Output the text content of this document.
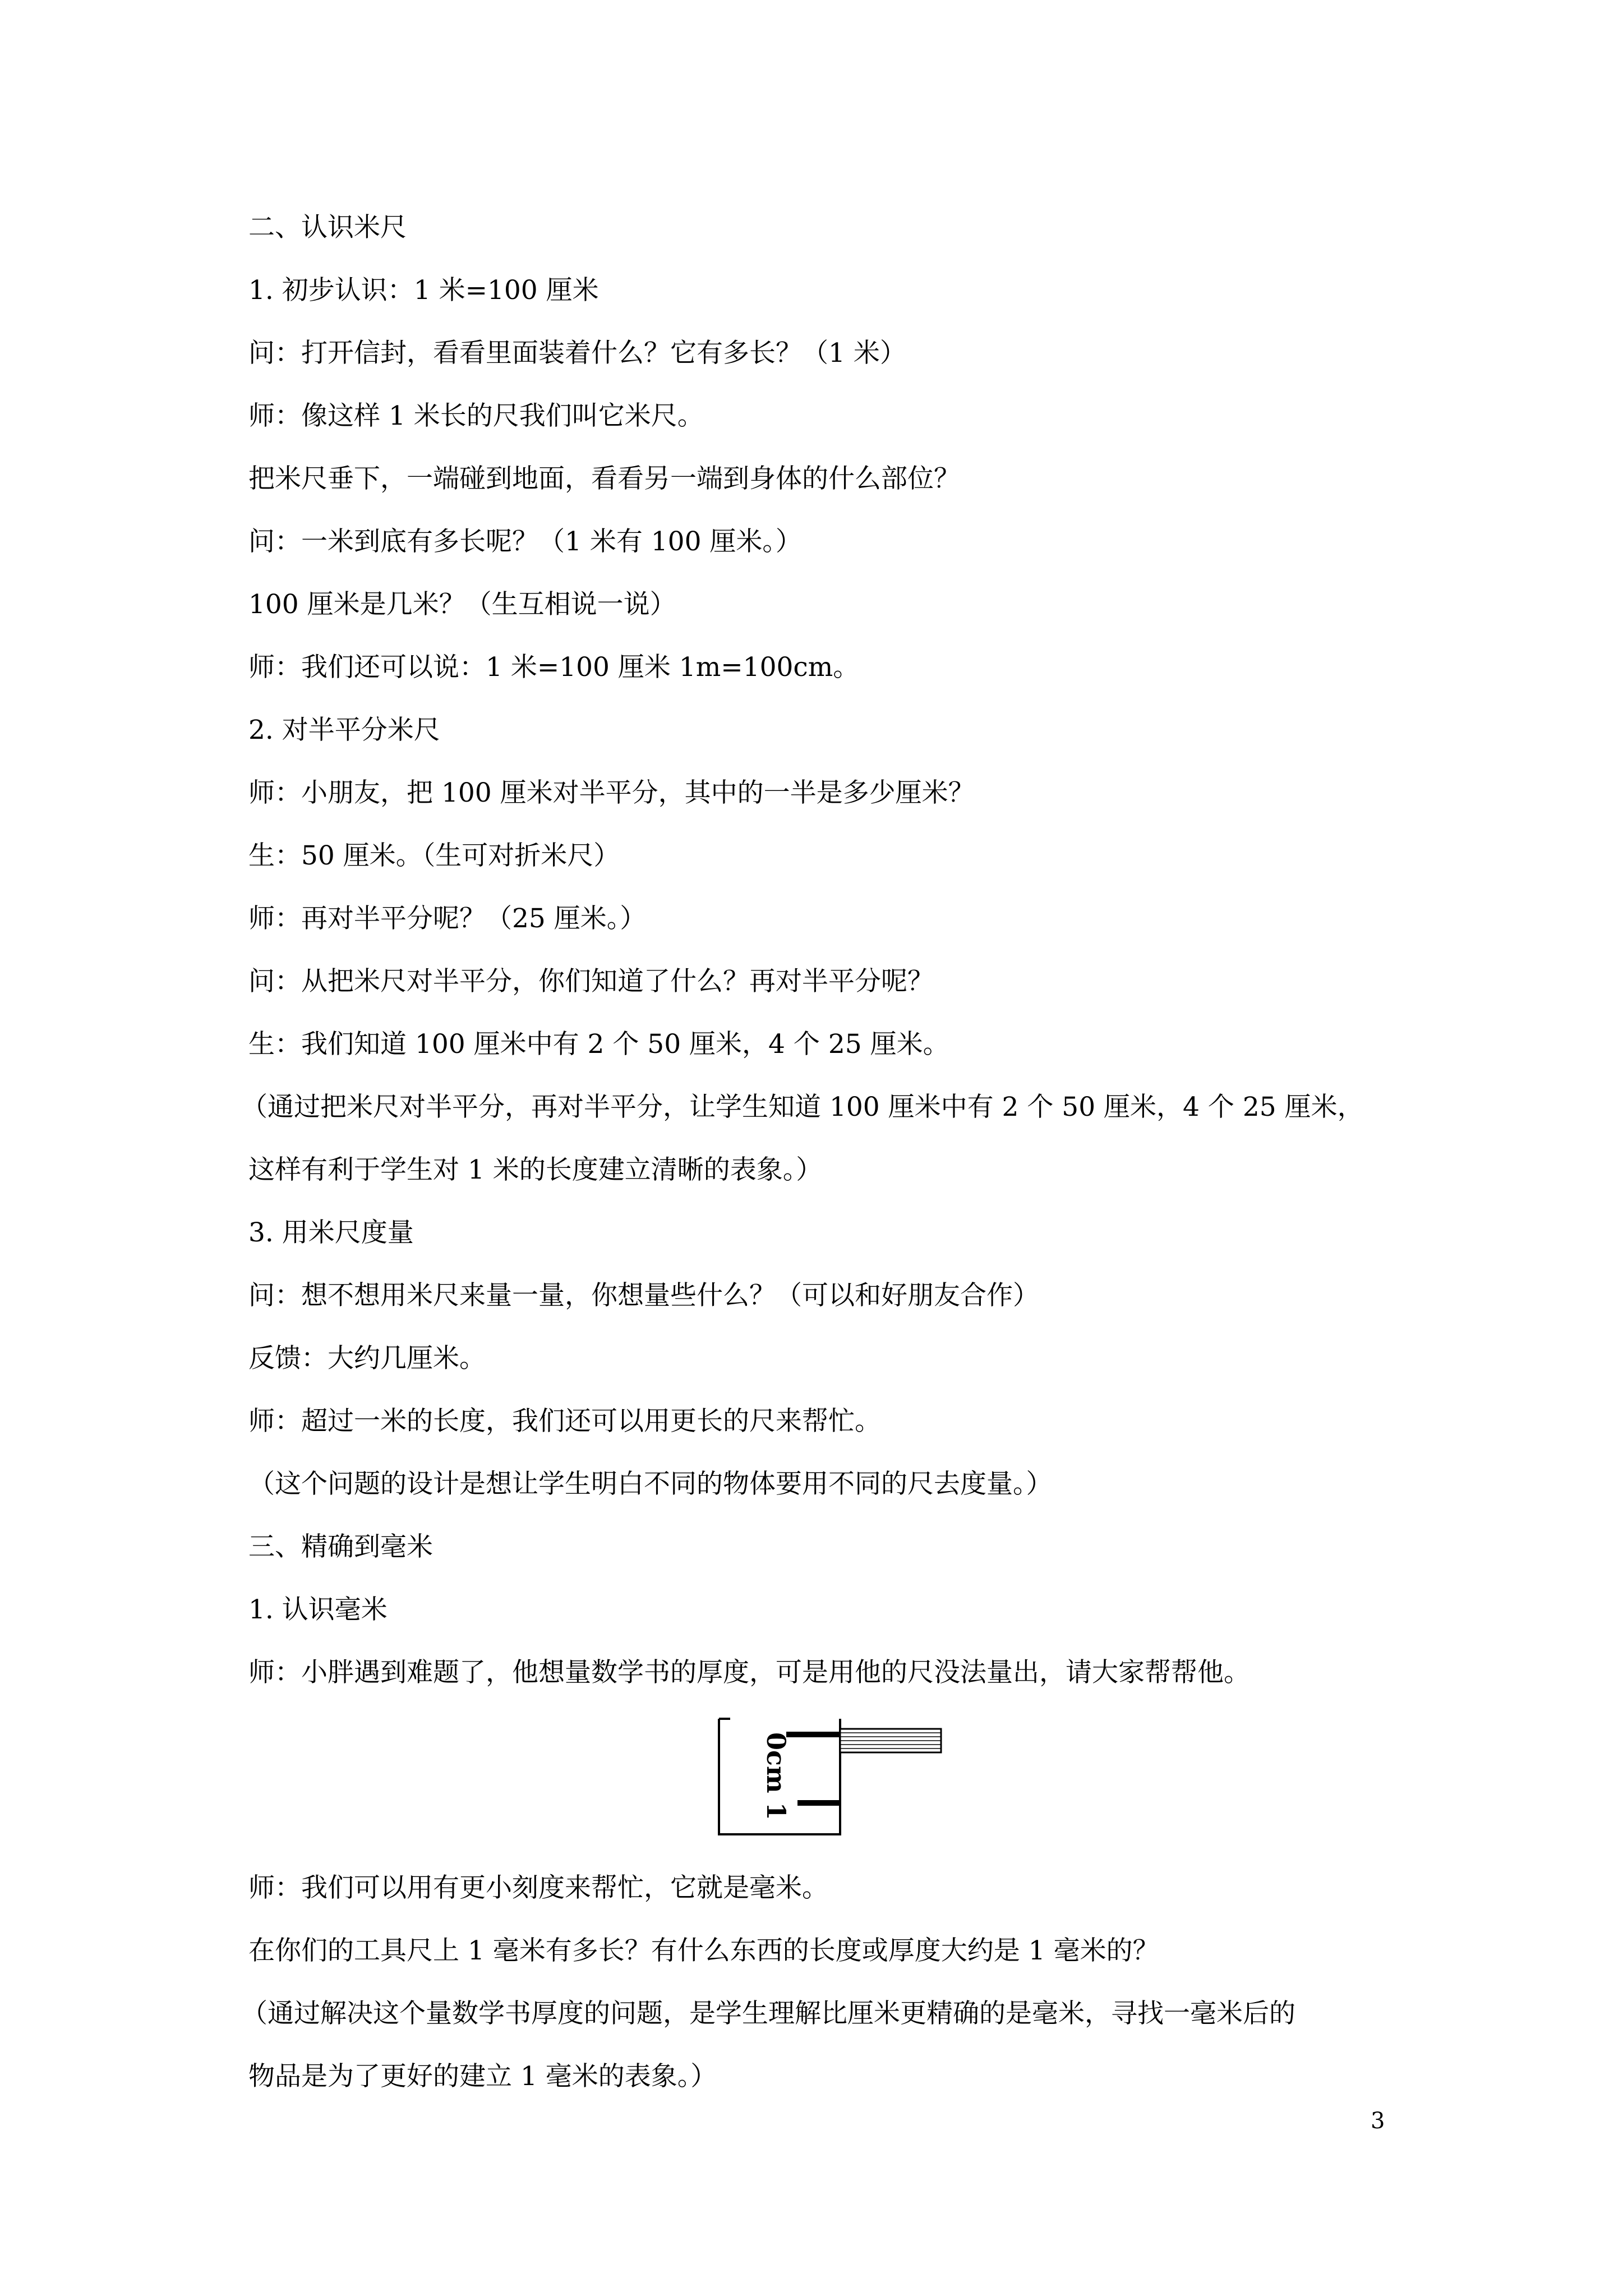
二、认识米尺
1. 初步认识：1 米=100 厘米
问：打开信封，看看里面装着什么？它有多长？（1 米）
师：像这样 1 米长的尺我们叫它米尺。
把米尺垂下，一端碰到地面，看看另一端到身体的什么部位？
问：一米到底有多长呢？（1 米有 100 厘米。）
100 厘米是几米？（生互相说一说）
师：我们还可以说：1 米=100 厘米 1m=100cm。
2. 对半平分米尺
师：小朋友，把 100 厘米对半平分，其中的一半是多少厘米？
生：50 厘米。（生可对折米尺）
师：再对半平分呢？（25 厘米。）
问：从把米尺对半平分，你们知道了什么？再对半平分呢？
生：我们知道 100 厘米中有 2 个 50 厘米，4 个 25 厘米。
（通过把米尺对半平分，再对半平分，让学生知道 100 厘米中有 2 个 50 厘米，4 个 25 厘米，
这样有利于学生对 1 米的长度建立清晰的表象。）
3. 用米尺度量
问：想不想用米尺来量一量，你想量些什么？（可以和好朋友合作）
反馈：大约几厘米。
师：超过一米的长度，我们还可以用更长的尺来帮忙。
（这个问题的设计是想让学生明白不同的物体要用不同的尺去度量。）
三、精确到毫米
1. 认识毫米
师：小胖遇到难题了，他想量数学书的厚度，可是用他的尺没法量出，请大家帮帮他。
0cm 1
师：我们可以用有更小刻度来帮忙，它就是毫米。
在你们的工具尺上 1 毫米有多长？有什么东西的长度或厚度大约是 1 毫米的？
（通过解决这个量数学书厚度的问题，是学生理解比厘米更精确的是毫米，寻找一毫米后的
物品是为了更好的建立 1 毫米的表象。）
3
